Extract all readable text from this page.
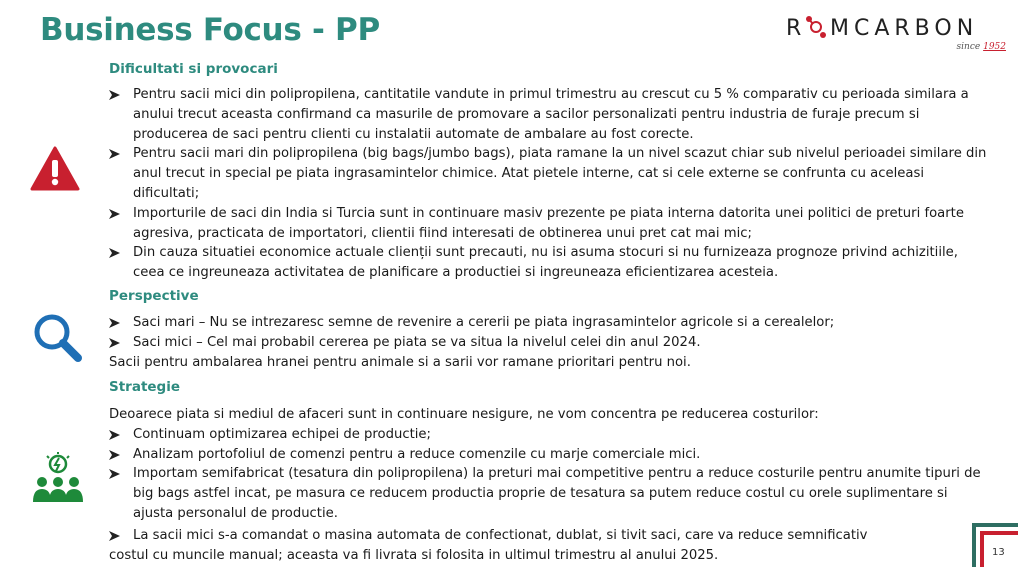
Business Focus - PP	R MCARBON
since 1952
Dificultati si provocari
Pentru sacii mici din polipropilena, cantitatile vandute in primul trimestru au crescut cu 5 % comparativ cu perioada similara a anului trecut aceasta confirmand ca masurile de promovare a sacilor personalizati pentru industria de furaje precum si producerea de saci pentru clienti cu instalatii automate de ambalare au fost corecte.
Pentru sacii mari din polipropilena (big bags/jumbo bags), piata ramane la un nivel scazut chiar sub nivelul perioadei similare din anul trecut in special pe piata ingrasamintelor chimice. Atat pietele interne, cat si cele externe se confrunta cu aceleasi dificultati;
Importurile de saci din India si Turcia sunt in continuare masiv prezente pe piata interna datorita unei politici de preturi foarte agresiva, practicata de importatori, clientii fiind interesati de obtinerea unui pret cat mai mic;
Din cauza situatiei economice actuale clienții sunt precauti, nu isi asuma stocuri si nu furnizeaza prognoze privind achizitiile, ceea ce ingreuneaza activitatea de planificare a productiei si ingreuneaza eficientizarea acesteia.
Perspective
Saci mari – Nu se intrezaresc semne de revenire a cererii pe piata ingrasamintelor agricole si a cerealelor;
Saci mici – Cel mai probabil cererea pe piata se va situa la nivelul celei din anul 2024.
Sacii pentru ambalarea hranei pentru animale si a sarii vor ramane prioritari pentru noi.
Strategie
Deoarece piata si mediul de afaceri sunt in continuare nesigure, ne vom concentra pe reducerea costurilor:
Continuam optimizarea echipei de productie;
Analizam portofoliul de comenzi pentru a reduce comenzile cu marje comerciale mici.
Importam semifabricat (tesatura din polipropilena) la preturi mai competitive pentru a reduce costurile pentru anumite tipuri de big bags astfel incat, pe masura ce reducem productia proprie de tesatura sa putem reduce costul cu orele suplimentare si ajusta personalul de productie.
La sacii mici s-a comandat o masina automata de confectionat, dublat, si tivit saci, care va reduce semnificativ
costul cu muncile manual; aceasta va fi livrata si folosita in ultimul trimestru al anului 2025.	13
